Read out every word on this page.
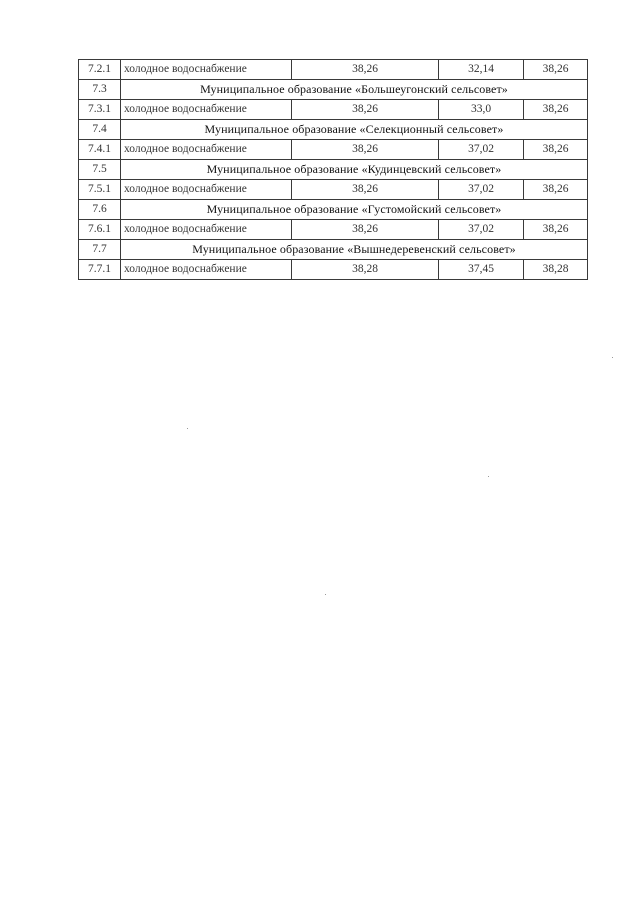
7.2.1	холодное водоснабжение	38,26	32,14	38,26
7.3	Муниципальное образование «Большеугонский сельсовет»			
7.3.1	холодное водоснабжение	38,26	33,0	38,26
7.4	Муниципальное образование «Селекционный сельсовет»			
7.4.1	холодное водоснабжение	38,26	37,02	38,26
7.5	Муниципальное образование «Кудинцевский сельсовет»			
7.5.1	холодное водоснабжение	38,26	37,02	38,26
7.6	Муниципальное образование «Густомойский сельсовет»			
7.6.1	холодное водоснабжение	38,26	37,02	38,26
7.7	Муниципальное образование «Вышнедеревенский сельсовет»			
7.7.1	холодное водоснабжение	38,28	37,45	38,28
